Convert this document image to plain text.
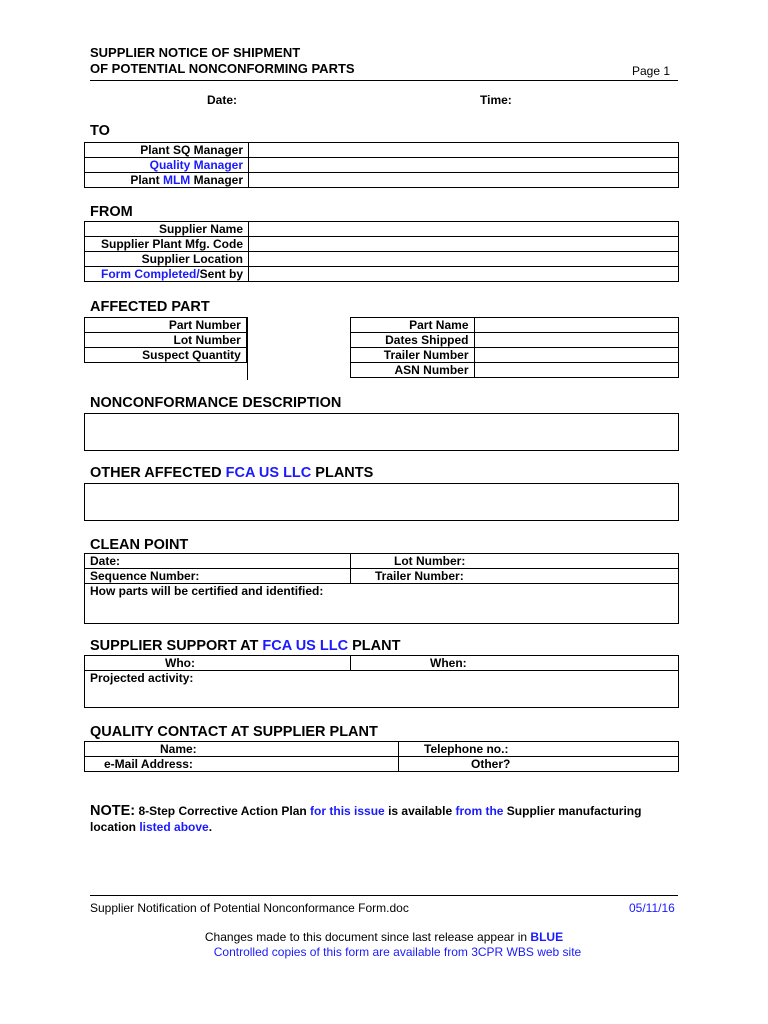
SUPPLIER NOTICE OF SHIPMENT
OF POTENTIAL NONCONFORMING PARTS	Page 1
Date:	Time:
TO
Plant SQ Manager	
Quality Manager	
Plant MLM Manager	
FROM
Supplier Name	
Supplier Plant Mfg. Code	
Supplier Location	
Form Completed/Sent by	
AFFECTED PART
Part Number		Part Name	
Lot Number		Dates Shipped	
Suspect Quantity		Trailer Number	
		ASN Number	
NONCONFORMANCE DESCRIPTION
OTHER AFFECTED FCA US LLC PLANTS
CLEAN POINT
Date:	Lot Number:
Sequence Number:	Trailer Number:
How parts will be certified and identified:	
SUPPLIER SUPPORT AT FCA US LLC PLANT
Who:	When:
Projected activity:
QUALITY CONTACT AT SUPPLIER PLANT
Name:	Telephone no.:
e-Mail Address:	Other?
NOTE: 8-Step Corrective Action Plan for this issue is available from the Supplier manufacturing
location listed above.
Supplier Notification of Potential Nonconformance Form.doc	05/11/16
Changes made to this document since last release appear in BLUE
Controlled copies of this form are available from 3CPR WBS web site
